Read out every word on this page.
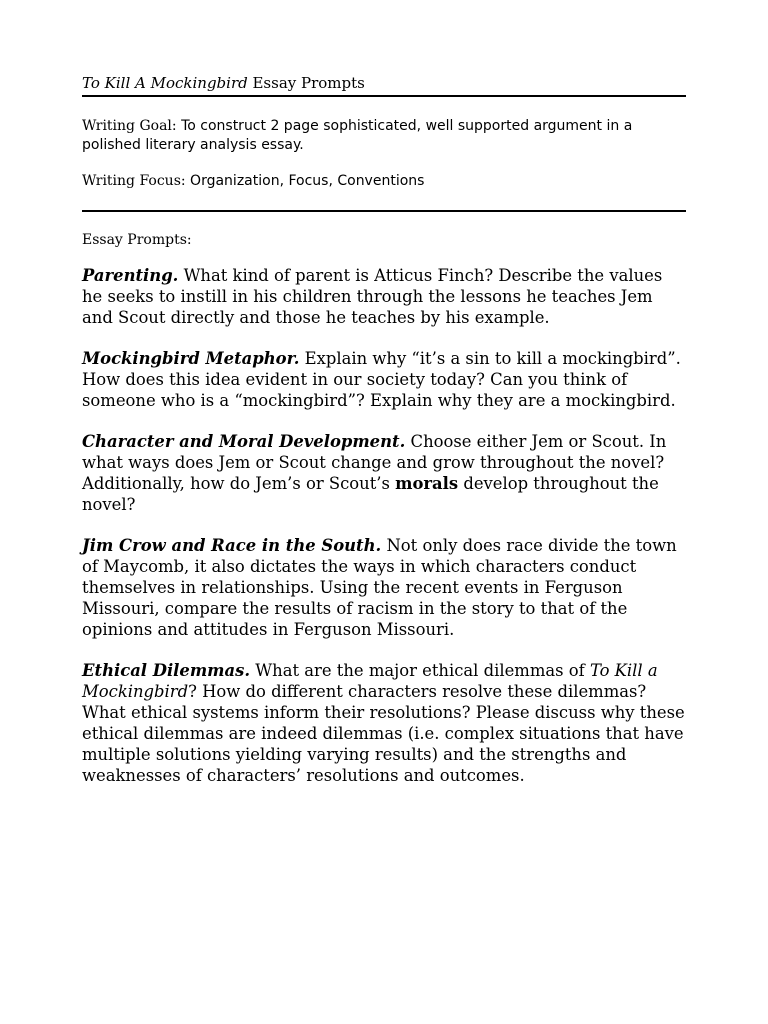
To Kill A Mockingbird Essay Prompts

Writing Goal: To construct 2 page sophisticated, well supported argument in a polished literary analysis essay.
Writing Focus: Organization, Focus, Conventions
Essay Prompts:
Parenting. What kind of parent is Atticus Finch? Describe the values he seeks to instill in his children through the lessons he teaches Jem and Scout directly and those he teaches by his example.
Mockingbird Metaphor. Explain why “it’s a sin to kill a mockingbird”. How does this idea evident in our society today? Can you think of someone who is a “mockingbird”? Explain why they are a mockingbird.
Character and Moral Development. Choose either Jem or Scout. In what ways does Jem or Scout change and grow throughout the novel? Additionally, how do Jem’s or Scout’s morals develop throughout the novel?
Jim Crow and Race in the South. Not only does race divide the town of Maycomb, it also dictates the ways in which characters conduct themselves in relationships. Using the recent events in Ferguson Missouri, compare the results of racism in the story to that of the opinions and attitudes in Ferguson Missouri.
Ethical Dilemmas. What are the major ethical dilemmas of To Kill a Mockingbird? How do different characters resolve these dilemmas? What ethical systems inform their resolutions? Please discuss why these ethical dilemmas are indeed dilemmas (i.e. complex situations that have multiple solutions yielding varying results) and the strengths and weaknesses of characters’ resolutions and outcomes.
